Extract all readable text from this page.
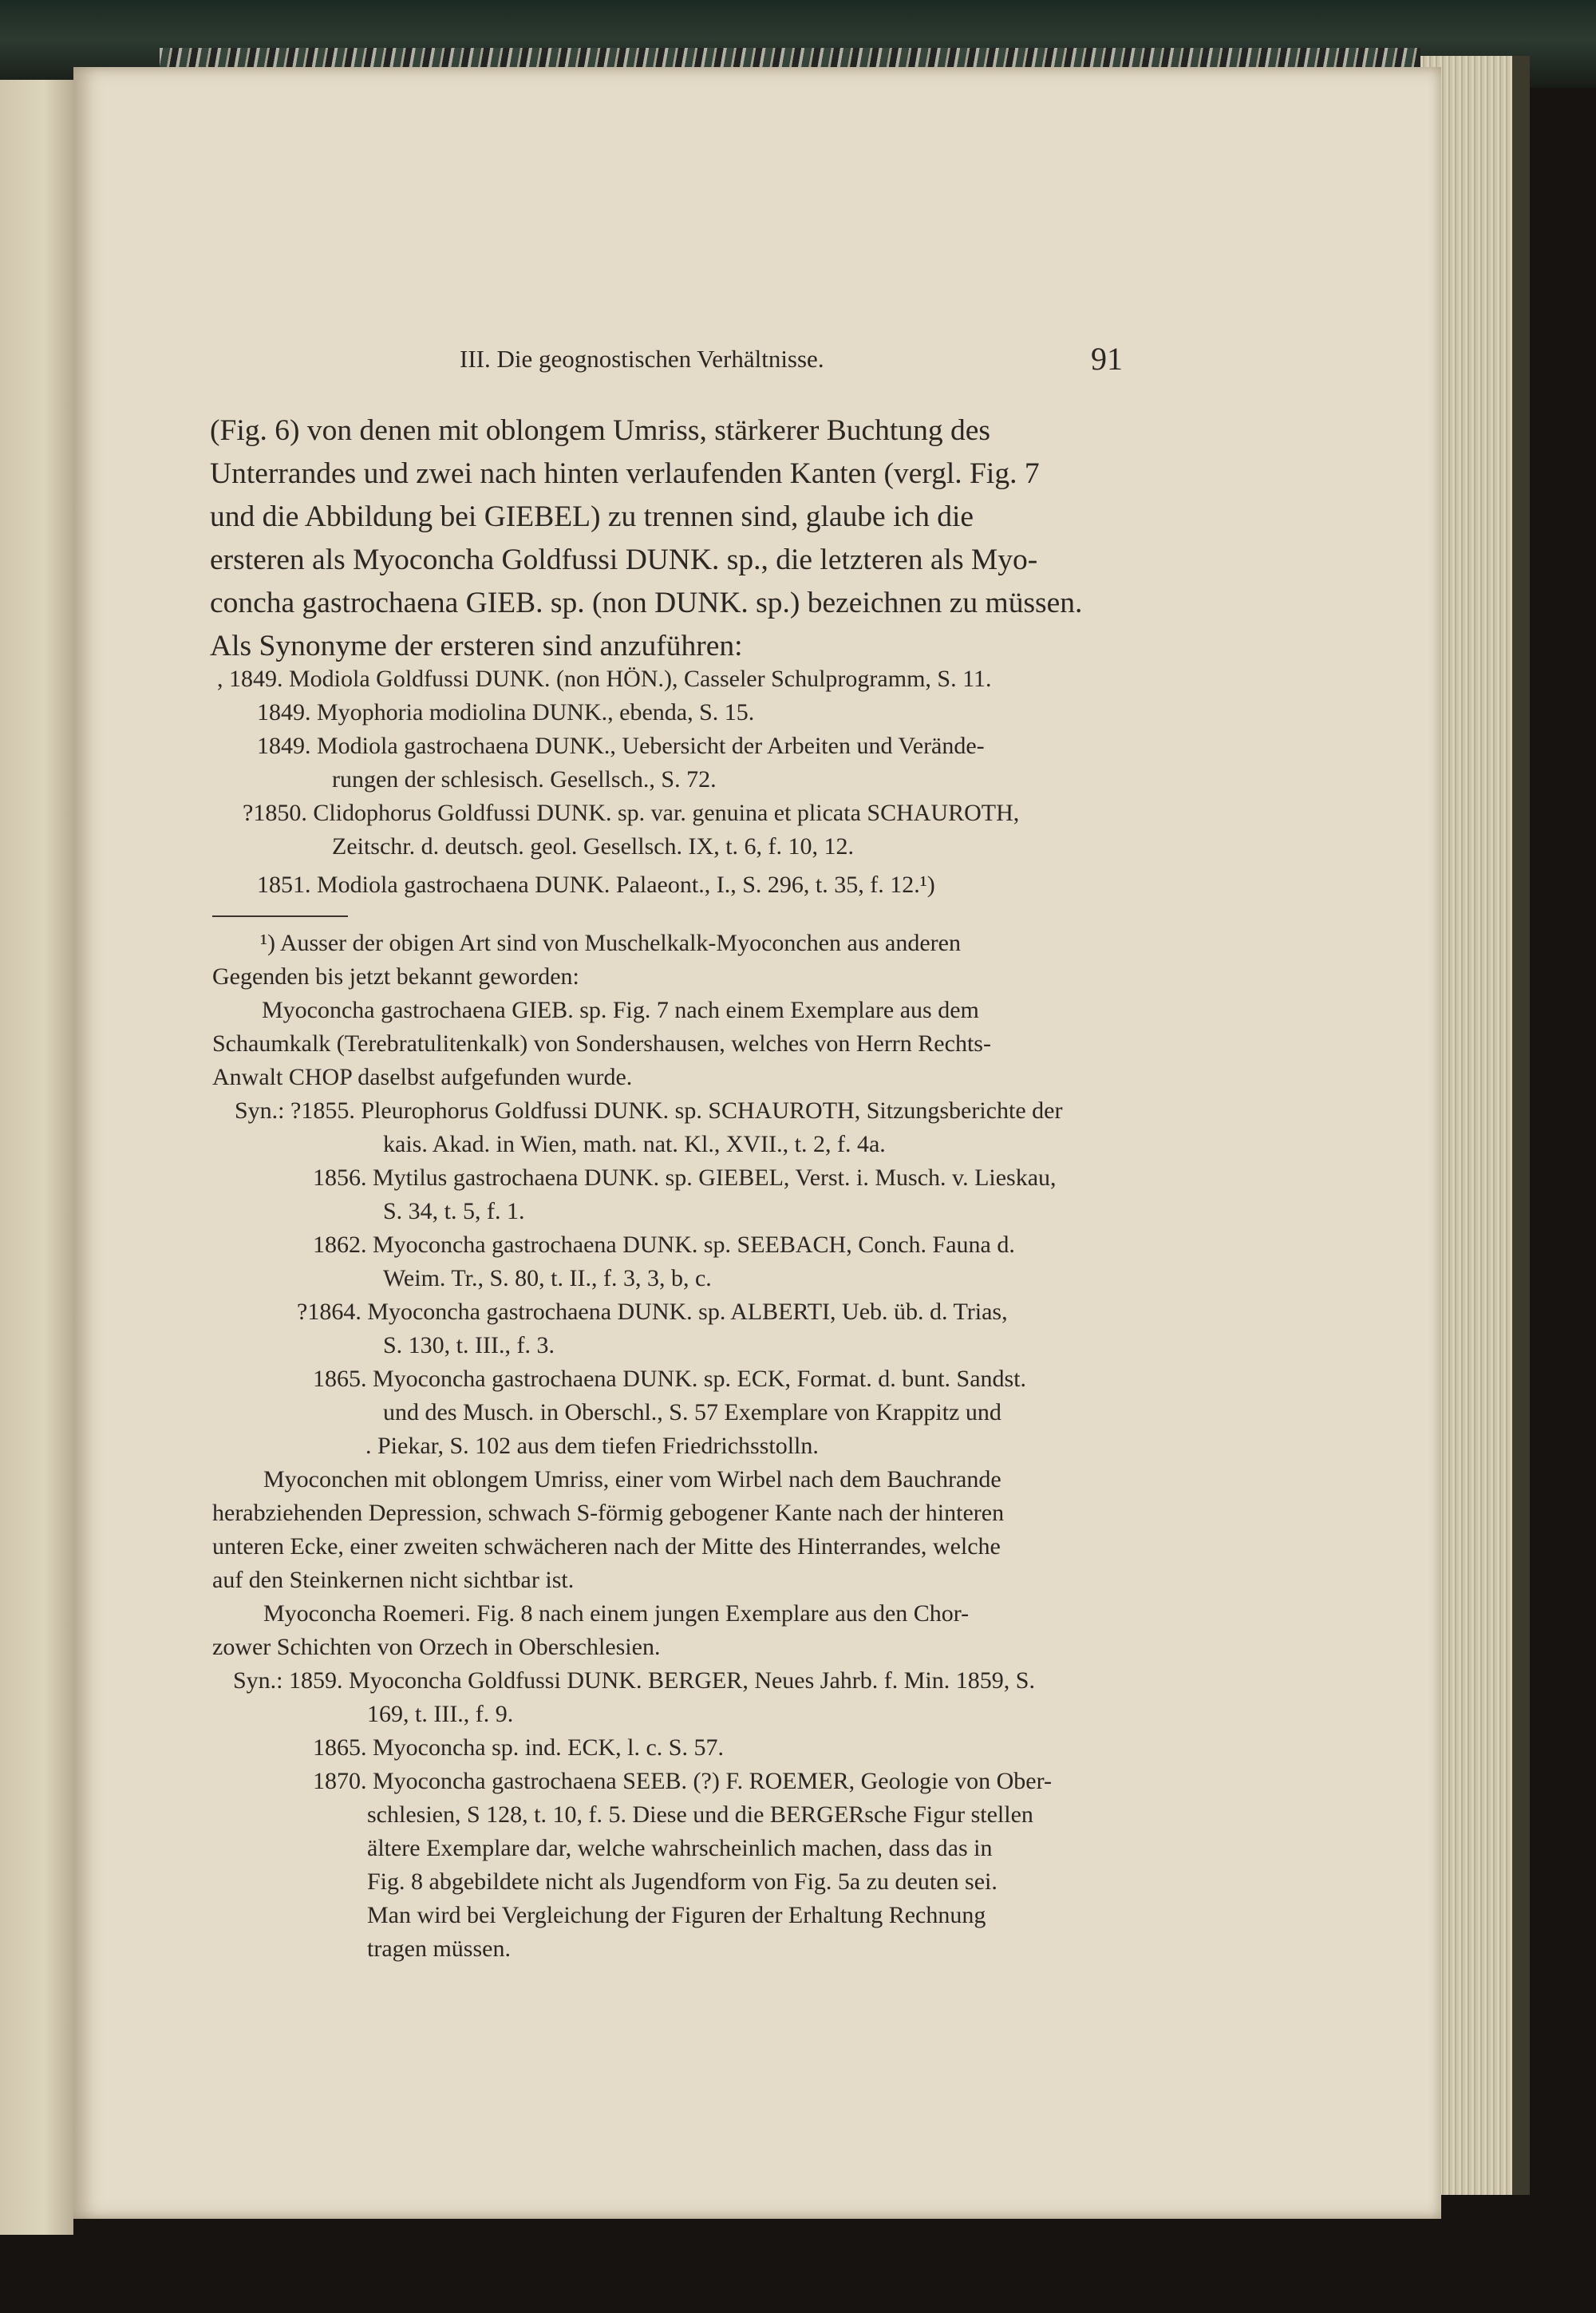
III. Die geognostischen Verhältnisse.	91
(Fig. 6) von denen mit oblongem Umriss, stärkerer Buchtung des
Unterrandes und zwei nach hinten verlaufenden Kanten (vergl. Fig. 7
und die Abbildung bei GIEBEL) zu trennen sind, glaube ich die
ersteren als Myoconcha Goldfussi DUNK. sp., die letzteren als Myo-
concha gastrochaena GIEB. sp. (non DUNK. sp.) bezeichnen zu müssen.
Als Synonyme der ersteren sind anzuführen:
, 1849. Modiola Goldfussi DUNK. (non HÖN.), Casseler Schulprogramm, S. 11.
1849. Myophoria modiolina DUNK., ebenda, S. 15.
1849. Modiola gastrochaena DUNK., Uebersicht der Arbeiten und Verände-
rungen der schlesisch. Gesellsch., S. 72.
?1850. Clidophorus Goldfussi DUNK. sp. var. genuina et plicata SCHAUROTH,
Zeitschr. d. deutsch. geol. Gesellsch. IX, t. 6, f. 10, 12.
1851. Modiola gastrochaena DUNK. Palaeont., I., S. 296, t. 35, f. 12.¹)
¹) Ausser der obigen Art sind von Muschelkalk-Myoconchen aus anderen
Gegenden bis jetzt bekannt geworden:
Myoconcha gastrochaena GIEB. sp. Fig. 7 nach einem Exemplare aus dem
Schaumkalk (Terebratulitenkalk) von Sondershausen, welches von Herrn Rechts-
Anwalt CHOP daselbst aufgefunden wurde.
Syn.: ?1855. Pleurophorus Goldfussi DUNK. sp. SCHAUROTH, Sitzungsberichte der
kais. Akad. in Wien, math. nat. Kl., XVII., t. 2, f. 4a.
1856. Mytilus gastrochaena DUNK. sp. GIEBEL, Verst. i. Musch. v. Lieskau,
S. 34, t. 5, f. 1.
1862. Myoconcha gastrochaena DUNK. sp. SEEBACH, Conch. Fauna d.
Weim. Tr., S. 80, t. II., f. 3, 3, b, c.
?1864. Myoconcha gastrochaena DUNK. sp. ALBERTI, Ueb. üb. d. Trias,
S. 130, t. III., f. 3.
1865. Myoconcha gastrochaena DUNK. sp. ECK, Format. d. bunt. Sandst.
und des Musch. in Oberschl., S. 57 Exemplare von Krappitz und
. Piekar, S. 102 aus dem tiefen Friedrichsstolln.
Myoconchen mit oblongem Umriss, einer vom Wirbel nach dem Bauchrande
herabziehenden Depression, schwach S-förmig gebogener Kante nach der hinteren
unteren Ecke, einer zweiten schwächeren nach der Mitte des Hinterrandes, welche
auf den Steinkernen nicht sichtbar ist.
Myoconcha Roemeri. Fig. 8 nach einem jungen Exemplare aus den Chor-
zower Schichten von Orzech in Oberschlesien.
Syn.: 1859. Myoconcha Goldfussi DUNK. BERGER, Neues Jahrb. f. Min. 1859, S.
169, t. III., f. 9.
1865. Myoconcha sp. ind. ECK, l. c. S. 57.
1870. Myoconcha gastrochaena SEEB. (?) F. ROEMER, Geologie von Ober-
schlesien, S 128, t. 10, f. 5. Diese und die BERGERsche Figur stellen
ältere Exemplare dar, welche wahrscheinlich machen, dass das in
Fig. 8 abgebildete nicht als Jugendform von Fig. 5a zu deuten sei.
Man wird bei Vergleichung der Figuren der Erhaltung Rechnung
tragen müssen.
